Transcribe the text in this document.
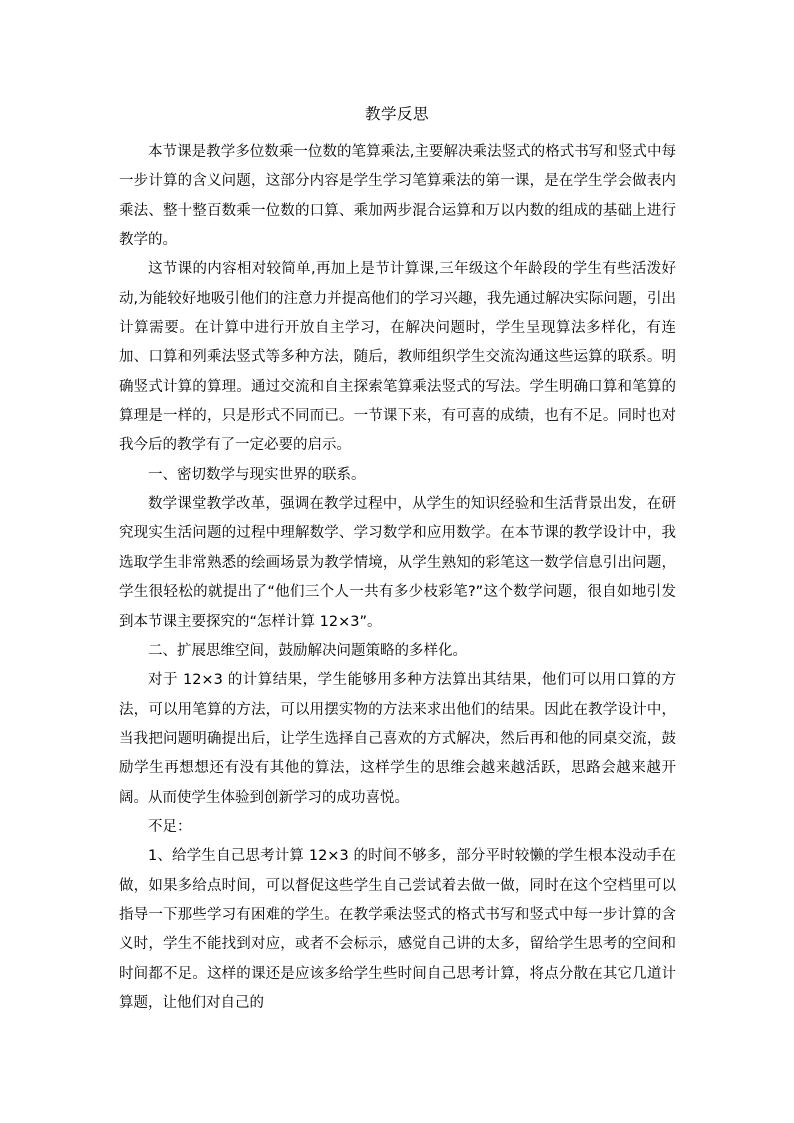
教学反思

本节课是教学多位数乘一位数的笔算乘法,主要解决乘法竖式的格式书写和竖式中每一步计算的含义问题，这部分内容是学生学习笔算乘法的第一课，是在学生学会做表内乘法、整十整百数乘一位数的口算、乘加两步混合运算和万以内数的组成的基础上进行教学的。

这节课的内容相对较简单,再加上是节计算课,三年级这个年龄段的学生有些活泼好动,为能较好地吸引他们的注意力并提高他们的学习兴趣，我先通过解决实际问题，引出计算需要。在计算中进行开放自主学习，在解决问题时，学生呈现算法多样化，有连加、口算和列乘法竖式等多种方法，随后，教师组织学生交流沟通这些运算的联系。明确竖式计算的算理。通过交流和自主探索笔算乘法竖式的写法。学生明确口算和笔算的算理是一样的，只是形式不同而已。一节课下来，有可喜的成绩，也有不足。同时也对我今后的教学有了一定必要的启示。

一、密切数学与现实世界的联系。

数学课堂教学改革，强调在教学过程中，从学生的知识经验和生活背景出发，在研究现实生活问题的过程中理解数学、学习数学和应用数学。在本节课的教学设计中，我选取学生非常熟悉的绘画场景为教学情境，从学生熟知的彩笔这一数学信息引出问题，学生很轻松的就提出了“他们三个人一共有多少枝彩笔?”这个数学问题，很自如地引发到本节课主要探究的“怎样计算 12×3”。

二、扩展思维空间，鼓励解决问题策略的多样化。

对于 12×3 的计算结果，学生能够用多种方法算出其结果，他们可以用口算的方法，可以用笔算的方法，可以用摆实物的方法来求出他们的结果。因此在教学设计中，当我把问题明确提出后，让学生选择自己喜欢的方式解决，然后再和他的同桌交流，鼓励学生再想想还有没有其他的算法，这样学生的思维会越来越活跃，思路会越来越开阔。从而使学生体验到创新学习的成功喜悦。

不足：

1、给学生自己思考计算 12×3 的时间不够多，部分平时较懒的学生根本没动手在做，如果多给点时间，可以督促这些学生自己尝试着去做一做，同时在这个空档里可以指导一下那些学习有困难的学生。在教学乘法竖式的格式书写和竖式中每一步计算的含义时，学生不能找到对应，或者不会标示，感觉自己讲的太多，留给学生思考的空间和时间都不足。这样的课还是应该多给学生些时间自己思考计算，将点分散在其它几道计算题，让他们对自己的
